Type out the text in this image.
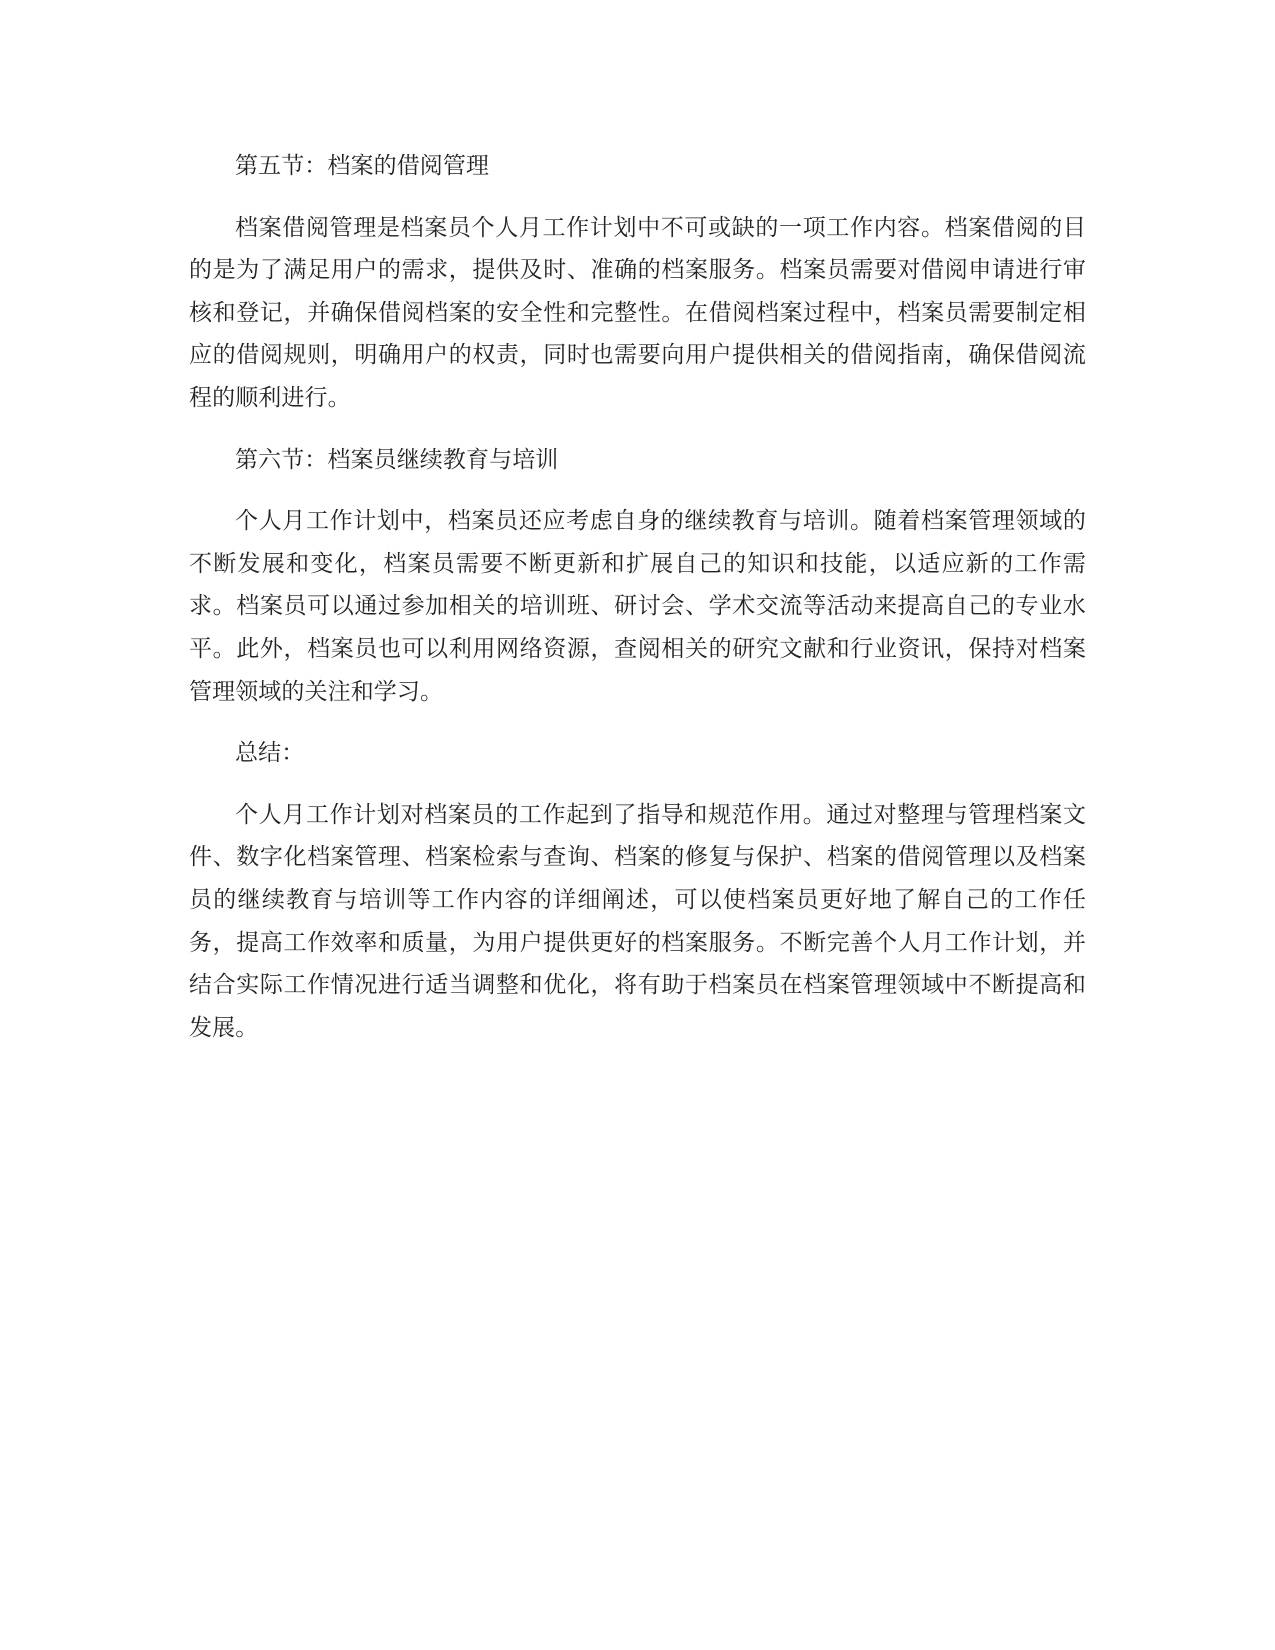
第五节：档案的借阅管理

档案借阅管理是档案员个人月工作计划中不可或缺的一项工作内容。档案借阅的目的是为了满足用户的需求，提供及时、准确的档案服务。档案员需要对借阅申请进行审核和登记，并确保借阅档案的安全性和完整性。在借阅档案过程中，档案员需要制定相应的借阅规则，明确用户的权责，同时也需要向用户提供相关的借阅指南，确保借阅流程的顺利进行。

第六节：档案员继续教育与培训

个人月工作计划中，档案员还应考虑自身的继续教育与培训。随着档案管理领域的不断发展和变化，档案员需要不断更新和扩展自己的知识和技能，以适应新的工作需求。档案员可以通过参加相关的培训班、研讨会、学术交流等活动来提高自己的专业水平。此外，档案员也可以利用网络资源，查阅相关的研究文献和行业资讯，保持对档案管理领域的关注和学习。

总结：

个人月工作计划对档案员的工作起到了指导和规范作用。通过对整理与管理档案文件、数字化档案管理、档案检索与查询、档案的修复与保护、档案的借阅管理以及档案员的继续教育与培训等工作内容的详细阐述，可以使档案员更好地了解自己的工作任务，提高工作效率和质量，为用户提供更好的档案服务。不断完善个人月工作计划，并结合实际工作情况进行适当调整和优化，将有助于档案员在档案管理领域中不断提高和发展。
